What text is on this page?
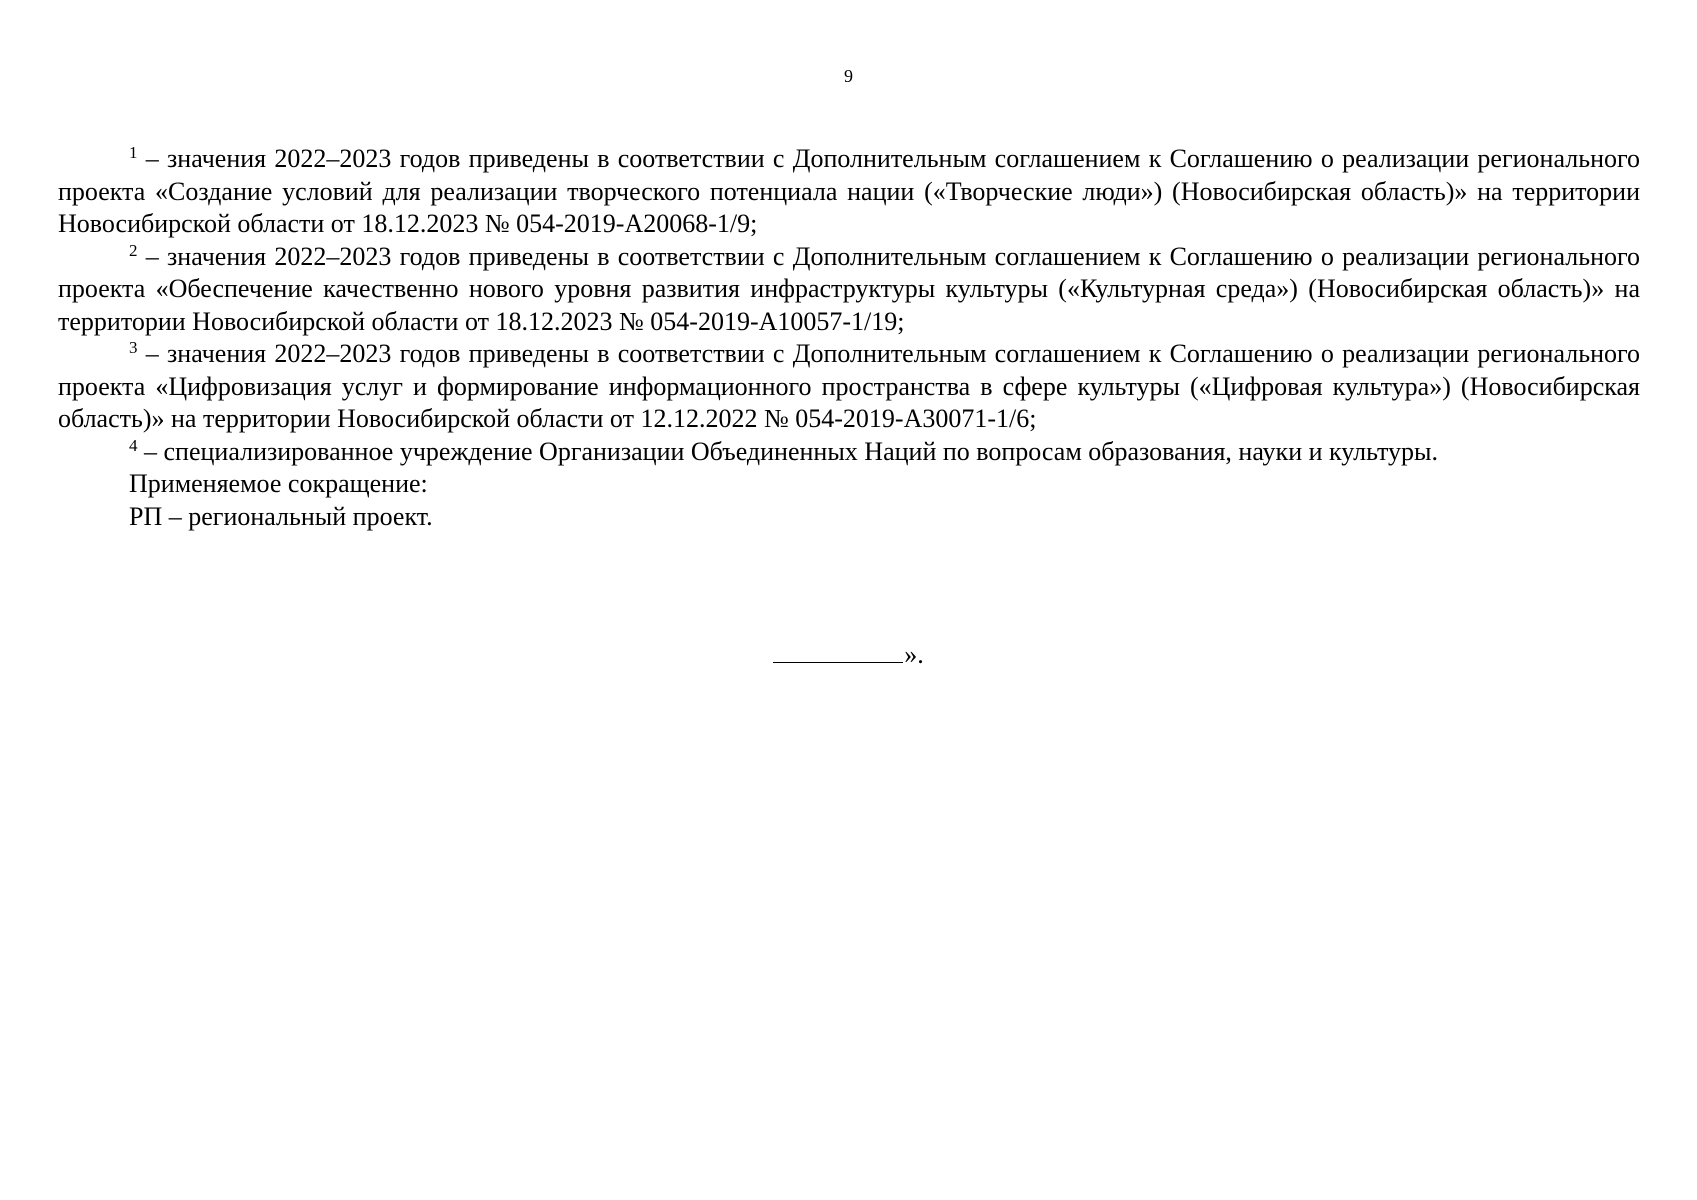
9

$^1$ – значения 2022–2023 годов приведены в соответствии с Дополнительным соглашением к Соглашению о реализации регионального проекта «Создание условий для реализации творческого потенциала нации («Творческие люди») (Новосибирская область)» на территории Новосибирской области от 18.12.2023 № 054-2019-А20068-1/9;

$^2$ – значения 2022–2023 годов приведены в соответствии с Дополнительным соглашением к Соглашению о реализации регионального проекта «Обеспечение качественно нового уровня развития инфраструктуры культуры («Культурная среда») (Новосибирская область)» на территории Новосибирской области от 18.12.2023 № 054-2019-А10057-1/19;

$^3$ – значения 2022–2023 годов приведены в соответствии с Дополнительным соглашением к Соглашению о реализации регионального проекта «Цифровизация услуг и формирование информационного пространства в сфере культуры («Цифровая культура») (Новосибирская область)» на территории Новосибирской области от 12.12.2022 № 054-2019-А30071-1/6;

$^4$ – специализированное учреждение Организации Объединенных Наций по вопросам образования, науки и культуры.

Применяемое сокращение:

РП – региональный проект.

».
